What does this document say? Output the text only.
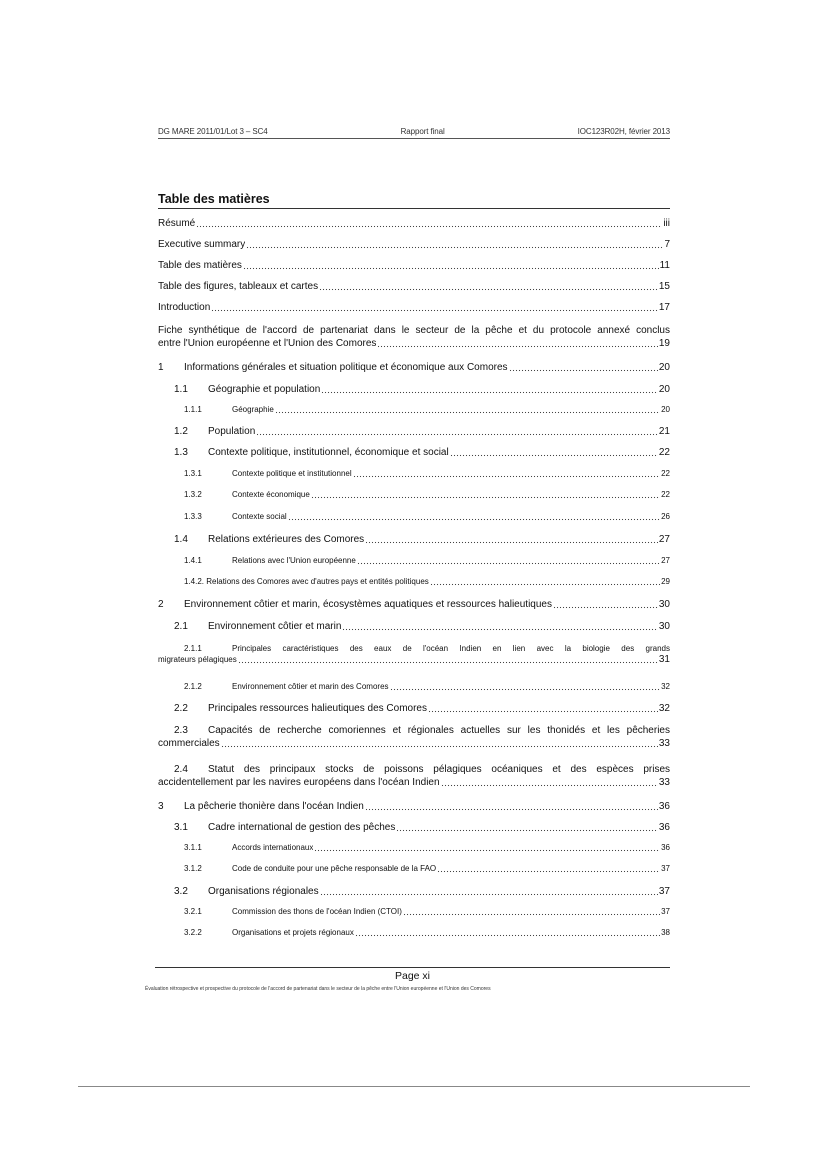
DG MARE 2011/01/Lot 3 – SC4	Rapport final	IOC123R02H, février 2013
Table des matières
Résumé	iii
Executive summary	7
Table des matières	11
Table des figures, tableaux et cartes	15
Introduction	17
Fiche synthétique de l'accord de partenariat dans le secteur de la pêche et du protocole annexé conclus
entre l'Union européenne et l'Union des Comores	19
1	Informations générales et situation politique et économique aux Comores	20
1.1	Géographie et population	20
1.1.1	Géographie	20
1.2	Population	21
1.3	Contexte politique, institutionnel, économique et social	22
1.3.1	Contexte politique et institutionnel	22
1.3.2	Contexte économique	22
1.3.3	Contexte social	26
1.4	Relations extérieures des Comores	27
1.4.1	Relations avec l'Union européenne	27
1.4.2. Relations des Comores avec d'autres pays et entités politiques	29
2	Environnement côtier et marin, écosystèmes aquatiques et ressources halieutiques	30
2.1	Environnement côtier et marin	30
2.1.1	Principales caractéristiques des eaux de l'océan Indien en lien avec la biologie des grands
migrateurs pélagiques	31
2.1.2	Environnement côtier et marin des Comores	32
2.2	Principales ressources halieutiques des Comores	32
2.3 Capacités de recherche comoriennes et régionales actuelles sur les thonidés et les pêcheries
commerciales	33
2.4 Statut des principaux stocks de poissons pélagiques océaniques et des espèces prises
accidentellement par les navires européens dans l'océan Indien	33
3	La pêcherie thonière dans l'océan Indien	36
3.1	Cadre international de gestion des pêches	36
3.1.1	Accords internationaux	36
3.1.2	Code de conduite pour une pêche responsable de la FAO	37
3.2	Organisations régionales	37
3.2.1	Commission des thons de l'océan Indien (CTOI)	37
3.2.2	Organisations et projets régionaux	38
Page xi
Évaluation rétrospective et prospective du protocole de l'accord de partenariat dans le secteur de la pêche entre l'Union européenne et l'Union des Comores
